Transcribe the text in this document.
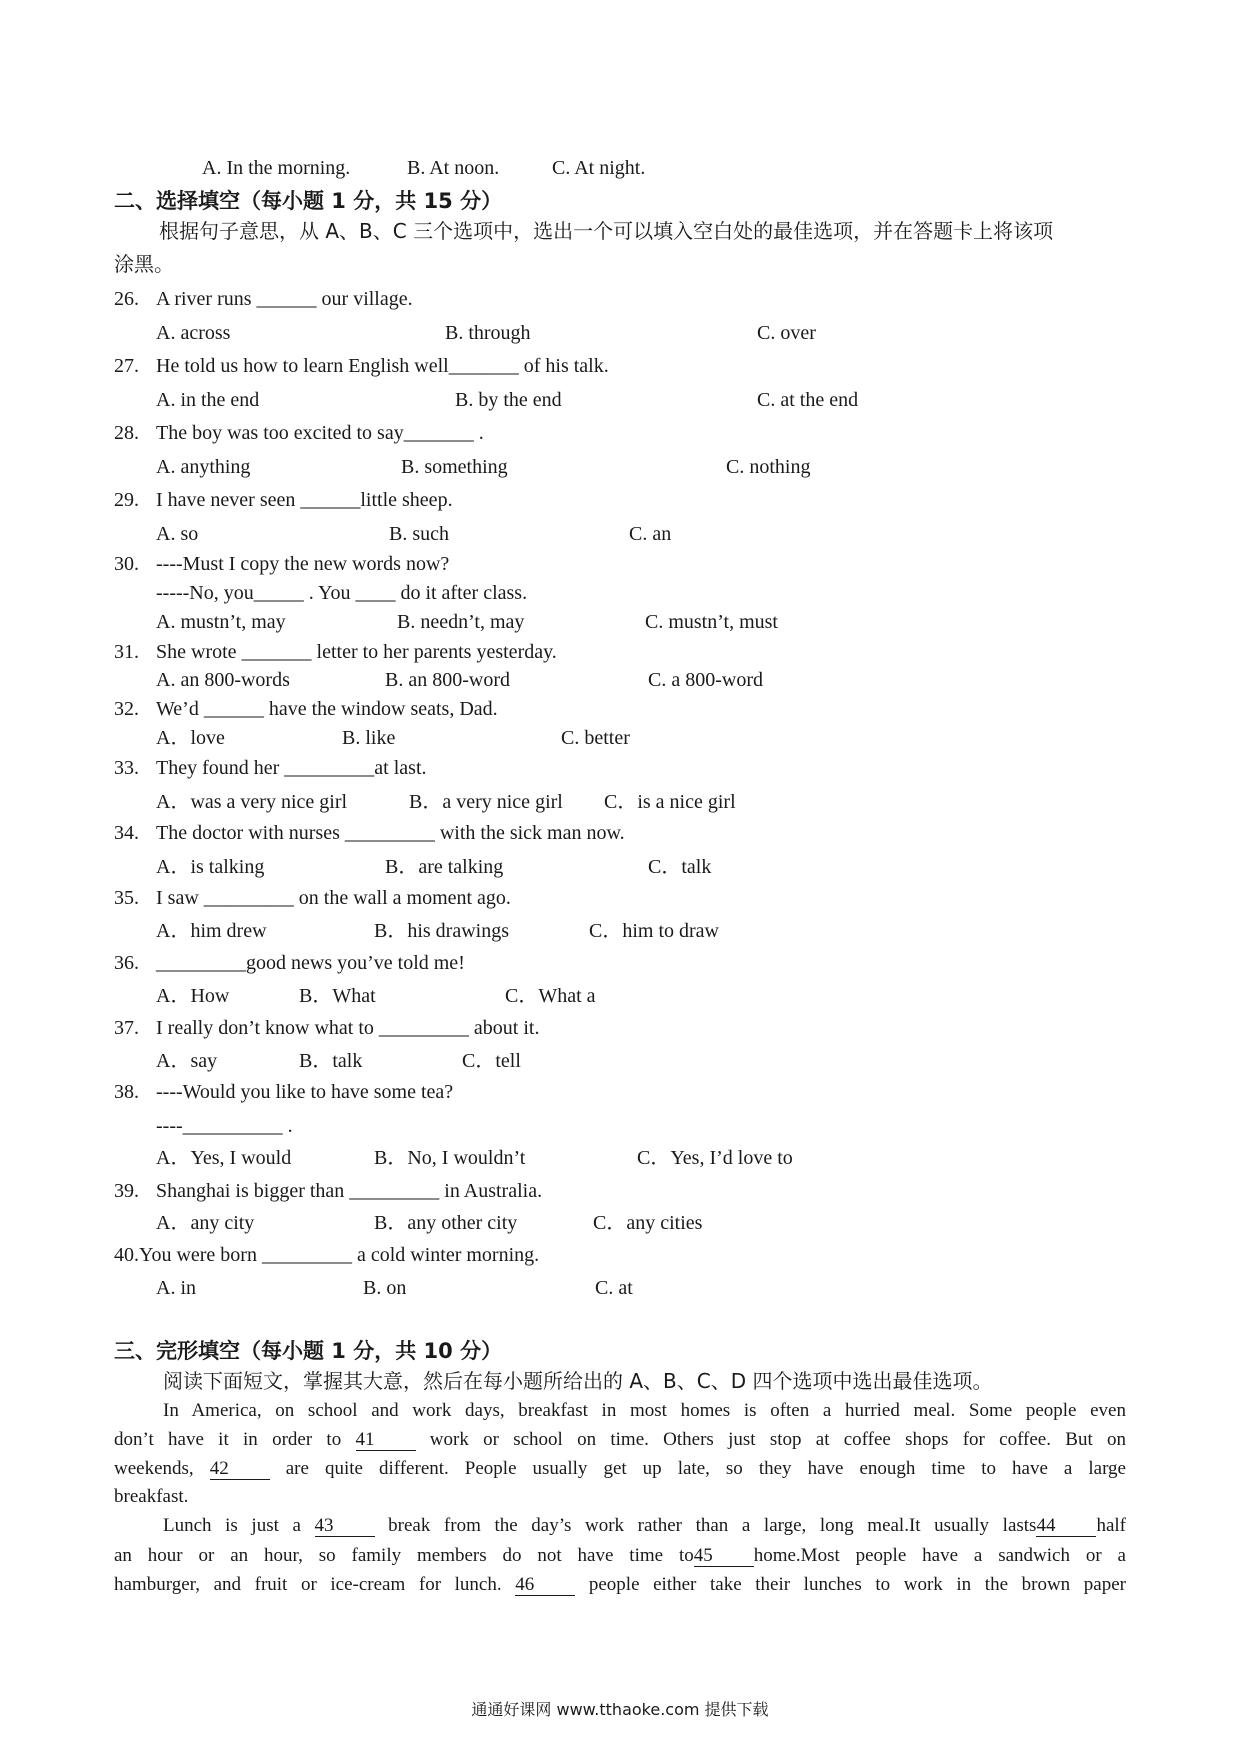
A. In the morning.	B. At noon.	C. At night.
二、选择填空（每小题 1 分，共 15 分）
根据句子意思，从 A、B、C 三个选项中，选出一个可以填入空白处的最佳选项，并在答题卡上将该项
涂黑。
26. A river runs ______ our village.
A. across	B. through	C. over
27. He told us how to learn English well_______ of his talk.
A. in the end	B. by the end	C. at the end
28. The boy was too excited to say_______ .
A. anything	B. something	C. nothing
29. I have never seen ______little sheep.
A. so	B. such	C. an
30. ----Must I copy the new words now?
-----No, you_____ . You ____ do it after class.
A. mustn’t, may	B. needn’t, may	C. mustn’t, must
31. She wrote _______ letter to her parents yesterday.
A. an 800-words	B. an 800-word	C. a 800-word
32. We’d ______ have the window seats, Dad.
A．love	B. like	C. better
33. They found her _________at last.
A．was a very nice girl	B．a very nice girl C．is a nice girl
34. The doctor with nurses _________ with the sick man now.
A．is talking	B．are talking	C．talk
35. I saw _________ on the wall a moment ago.
A．him drew	B．his drawings	C．him to draw
36. _________good news you’ve told me!
A．How	B．What	C．What a
37. I really don’t know what to _________ about it.
A．say	B．talk	C．tell
38. ----Would you like to have some tea?
----__________ .
A．Yes, I would	B．No, I wouldn’t	C．Yes, I’d love to
39. Shanghai is bigger than _________ in Australia.
A．any city	B．any other city	C．any cities
40.You were born _________ a cold winter morning.
A. in	B. on	C. at
三、完形填空（每小题 1 分，共 10 分）
阅读下面短文，掌握其大意，然后在每小题所给出的 A、B、C、D 四个选项中选出最佳选项。
In America, on school and work days, breakfast in most homes is often a hurried meal. Some people even
don’t have it in order to 41 work or school on time. Others just stop at coffee shops for coffee. But on
weekends, 42 are quite different. People usually get up late, so they have enough time to have a large
breakfast.
Lunch is just a 43 break from the day’s work rather than a large, long meal.It usually lasts44 half
an hour or an hour, so family members do not have time to45 home.Most people have a sandwich or a
hamburger, and fruit or ice-cream for lunch. 46 people either take their lunches to work in the brown paper
通通好课网 www.tthaoke.com 提供下载
